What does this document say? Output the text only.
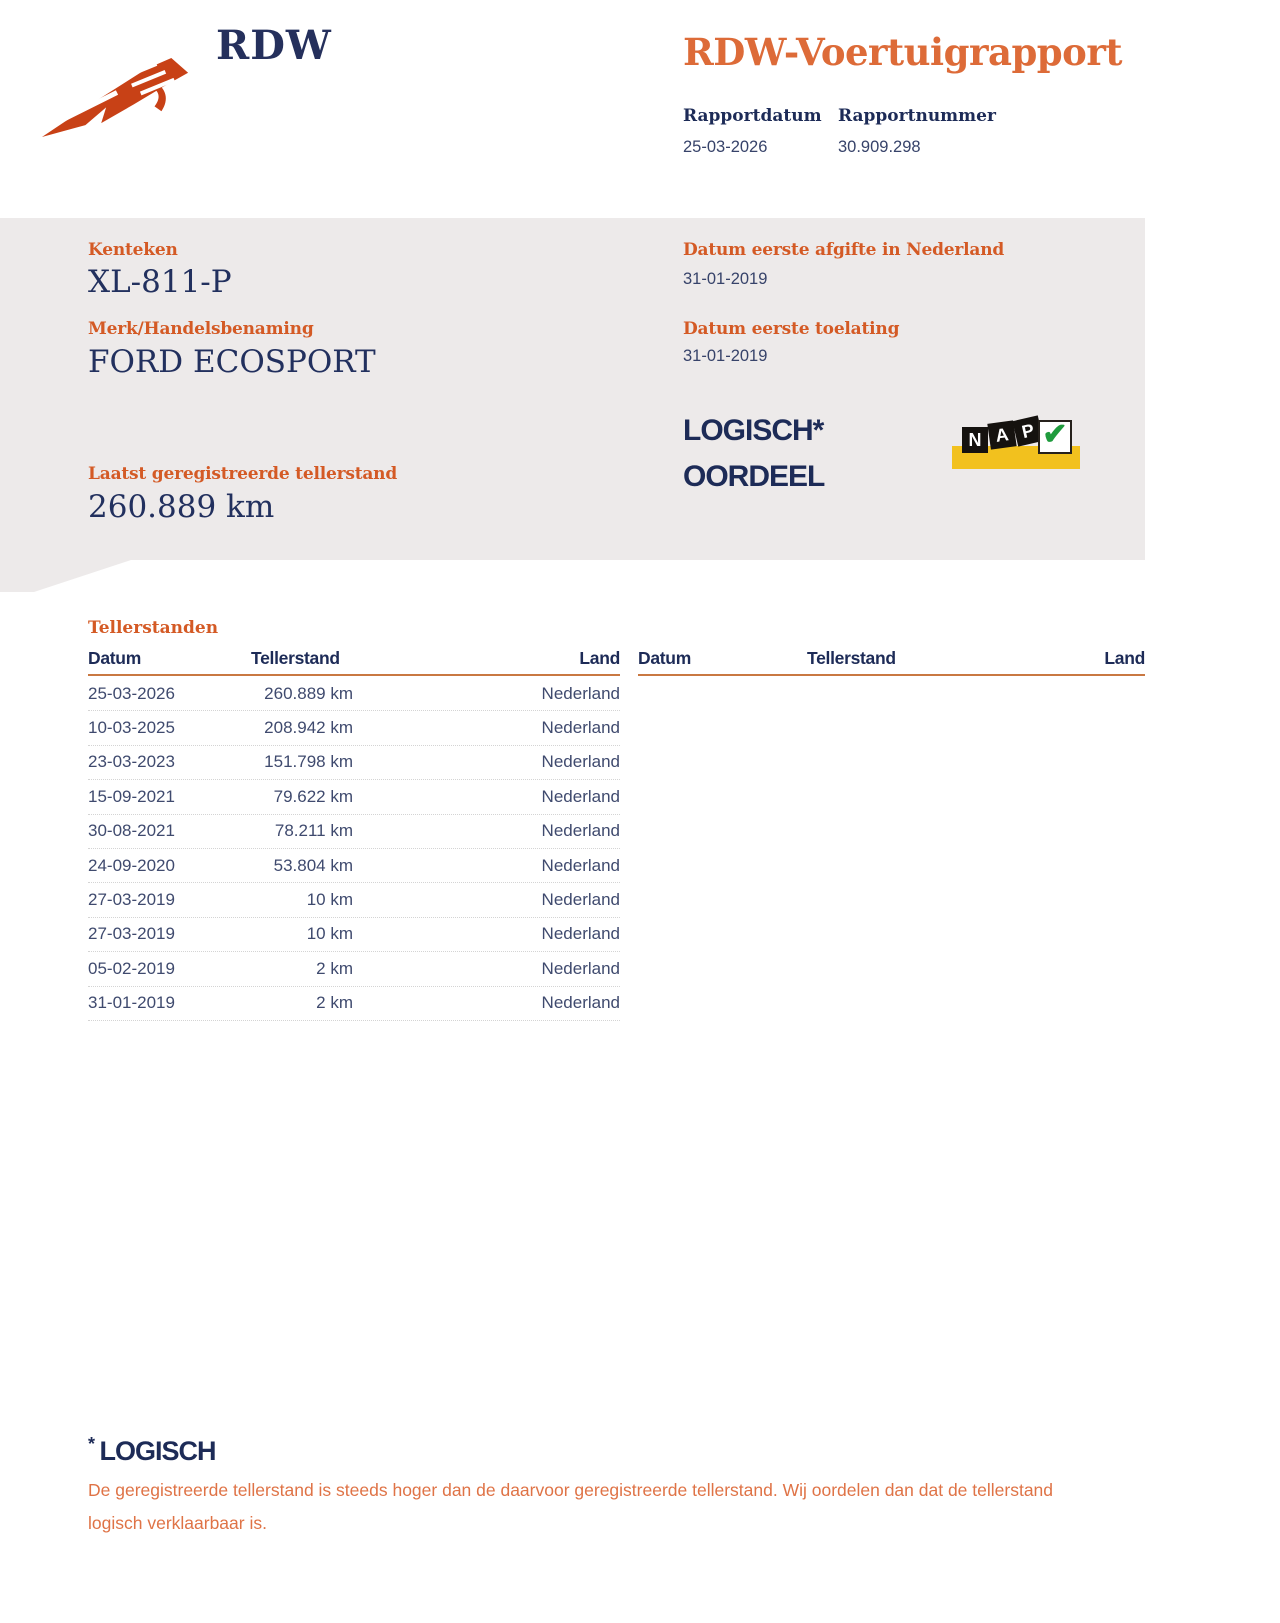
RDW	RDW-Voertuigrapport
Rapportdatum Rapportnummer
25-03-2026	30.909.298
Kenteken
XL-811-P
Merk/Handelsbenaming
FORD ECOSPORT
Laatst geregistreerde tellerstand
260.889 km
Datum eerste afgifte in Nederland
31-01-2019
Datum eerste toelating
31-01-2019
LOGISCH*
OORDEEL
N A P ✔
Tellerstanden
Datum	Tellerstand	Land
25-03-2026	260.889 km	Nederland
10-03-2025	208.942 km	Nederland
23-03-2023	151.798 km	Nederland
15-09-2021	79.622 km	Nederland
30-08-2021	78.211 km	Nederland
24-09-2020	53.804 km	Nederland
27-03-2019	10 km	Nederland
27-03-2019	10 km	Nederland
05-02-2019	2 km	Nederland
31-01-2019	2 km	Nederland
Datum	Tellerstand	Land
* LOGISCH
De geregistreerde tellerstand is steeds hoger dan de daarvoor geregistreerde tellerstand. Wij oordelen dan dat de tellerstand logisch verklaarbaar is.
